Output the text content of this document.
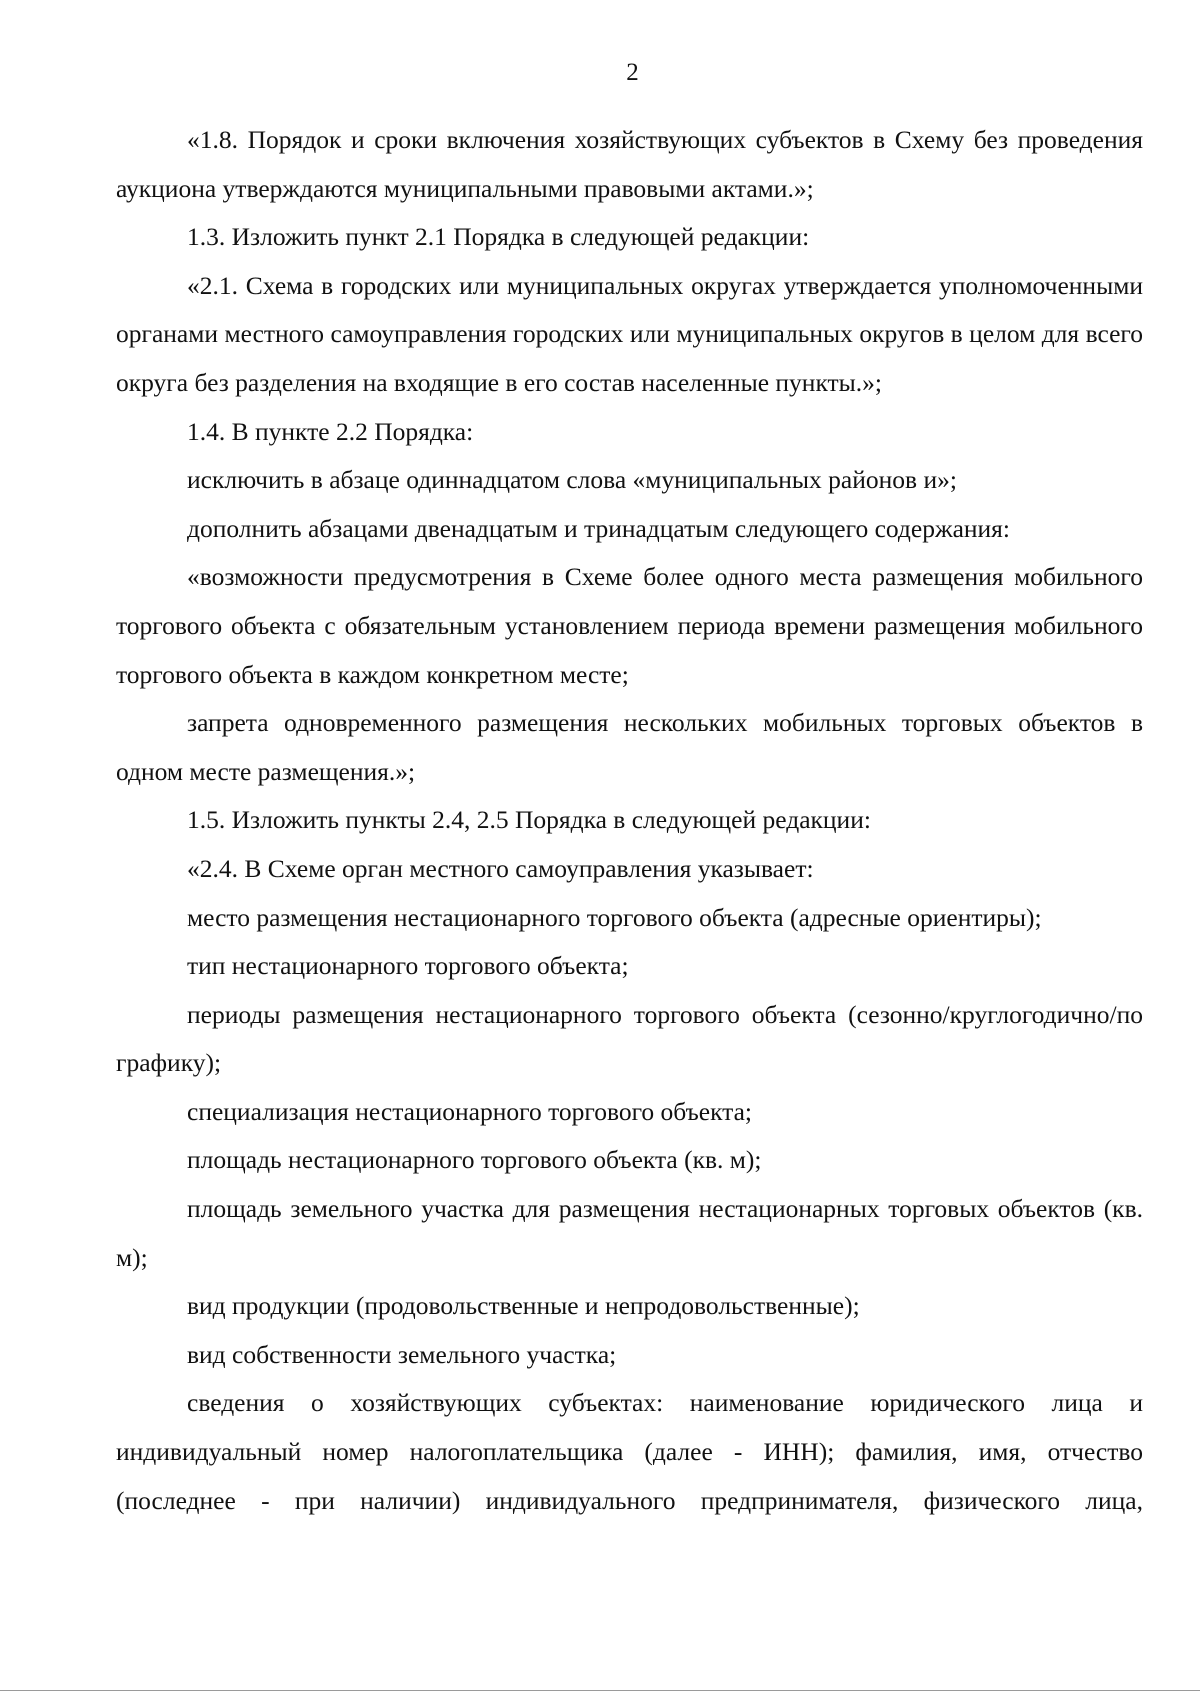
2

«1.8. Порядок и сроки включения хозяйствующих субъектов в Схему без проведения аукциона утверждаются муниципальными правовыми актами.»;

1.3. Изложить пункт 2.1 Порядка в следующей редакции:

«2.1. Схема в городских или муниципальных округах утверждается уполномоченными органами местного самоуправления городских или муниципальных округов в целом для всего округа без разделения на входящие в его состав населенные пункты.»;

1.4. В пункте 2.2 Порядка:

исключить в абзаце одиннадцатом слова «муниципальных районов и»;

дополнить абзацами двенадцатым и тринадцатым следующего содержания:

«возможности предусмотрения в Схеме более одного места размещения мобильного торгового объекта с обязательным установлением периода времени размещения мобильного торгового объекта в каждом конкретном месте;

запрета одновременного размещения нескольких мобильных торговых объектов в одном месте размещения.»;

1.5. Изложить пункты 2.4, 2.5 Порядка в следующей редакции:

«2.4. В Схеме орган местного самоуправления указывает:

место размещения нестационарного торгового объекта (адресные ориентиры);

тип нестационарного торгового объекта;

периоды размещения нестационарного торгового объекта (сезонно/круглогодично/по графику);

специализация нестационарного торгового объекта;

площадь нестационарного торгового объекта (кв. м);

площадь земельного участка для размещения нестационарных торговых объектов (кв. м);

вид продукции (продовольственные и непродовольственные);

вид собственности земельного участка;

сведения о хозяйствующих субъектах: наименование юридического лица и индивидуальный номер налогоплательщика (далее - ИНН); фамилия, имя, отчество (последнее - при наличии) индивидуального предпринимателя, физического лица,
